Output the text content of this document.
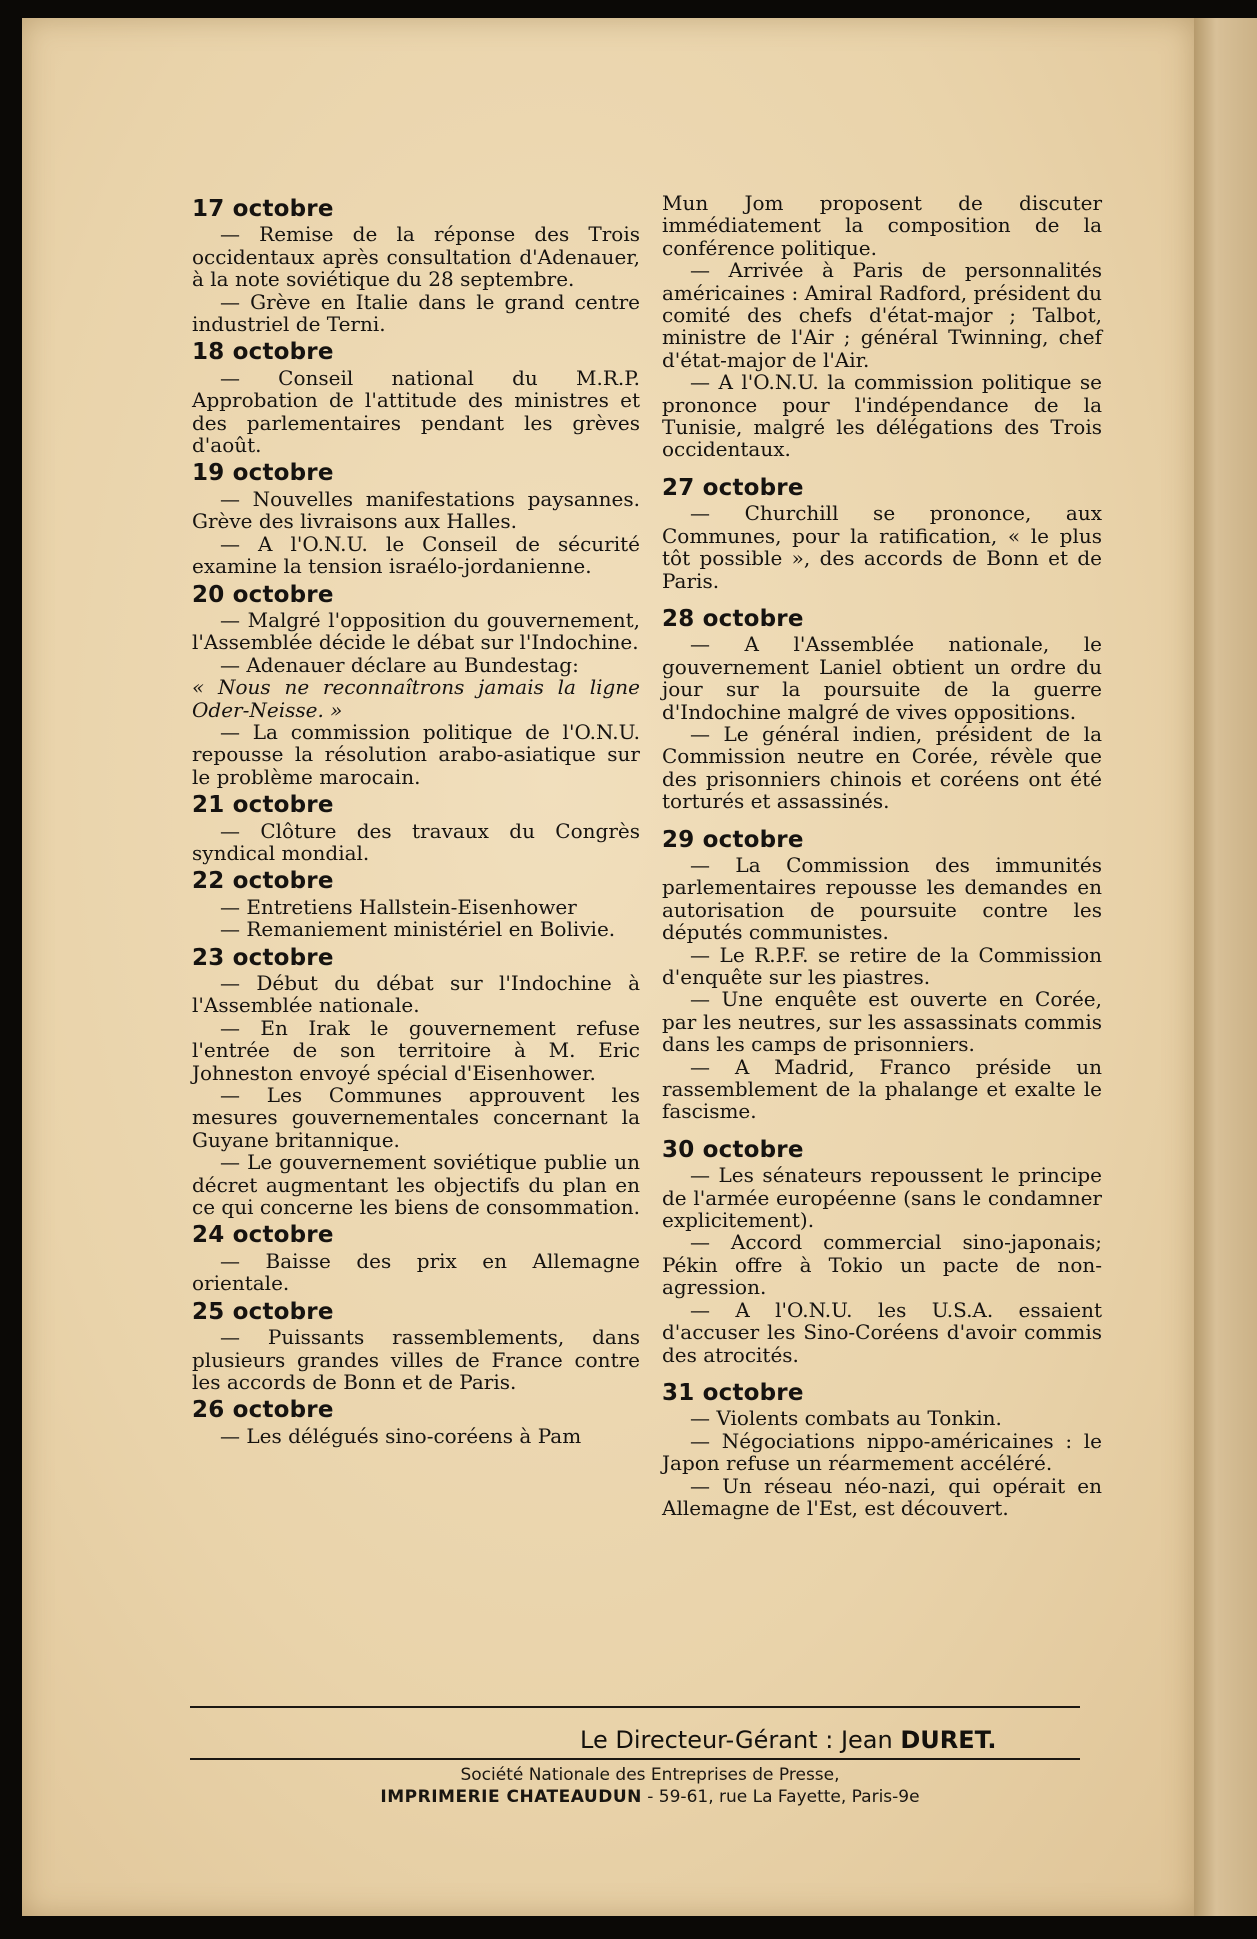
17 octobre

— Remise de la réponse des Trois occidentaux après consultation d'Adenauer, à la note soviétique du 28 septembre.

— Grève en Italie dans le grand centre industriel de Terni.

18 octobre

— Conseil national du M.R.P. Approbation de l'attitude des ministres et des parlementaires pendant les grèves d'août.

19 octobre

— Nouvelles manifestations paysannes. Grève des livraisons aux Halles.

— A l'O.N.U. le Conseil de sécurité examine la tension israélo-jordanienne.

20 octobre

— Malgré l'opposition du gouvernement, l'Assemblée décide le débat sur l'Indochine.

— Adenauer déclare au Bundestag:

« Nous ne reconnaîtrons jamais la ligne Oder-Neisse. »

— La commission politique de l'O.N.U. repousse la résolution arabo-asiatique sur le problème marocain.

21 octobre

— Clôture des travaux du Congrès syndical mondial.

22 octobre

— Entretiens Hallstein-Eisenhower

— Remaniement ministériel en Bolivie.

23 octobre

— Début du débat sur l'Indochine à l'Assemblée nationale.

— En Irak le gouvernement refuse l'entrée de son territoire à M. Eric Johneston envoyé spécial d'Eisenhower.

— Les Communes approuvent les mesures gouvernementales concernant la Guyane britannique.

— Le gouvernement soviétique publie un décret augmentant les objectifs du plan en ce qui concerne les biens de consommation.

24 octobre

— Baisse des prix en Allemagne orientale.

25 octobre

— Puissants rassemblements, dans plusieurs grandes villes de France contre les accords de Bonn et de Paris.

26 octobre

— Les délégués sino-coréens à Pam

Mun Jom proposent de discuter immédiatement la composition de la conférence politique.

— Arrivée à Paris de personnalités américaines : Amiral Radford, président du comité des chefs d'état-major ; Talbot, ministre de l'Air ; général Twinning, chef d'état-major de l'Air.

— A l'O.N.U. la commission politique se prononce pour l'indépendance de la Tunisie, malgré les délégations des Trois occidentaux.

27 octobre

— Churchill se prononce, aux Communes, pour la ratification, « le plus tôt possible », des accords de Bonn et de Paris.

28 octobre

— A l'Assemblée nationale, le gouvernement Laniel obtient un ordre du jour sur la poursuite de la guerre d'Indochine malgré de vives oppositions.

— Le général indien, président de la Commission neutre en Corée, révèle que des prisonniers chinois et coréens ont été torturés et assassinés.

29 octobre

— La Commission des immunités parlementaires repousse les demandes en autorisation de poursuite contre les députés communistes.

— Le R.P.F. se retire de la Commission d'enquête sur les piastres.

— Une enquête est ouverte en Corée, par les neutres, sur les assassinats commis dans les camps de prisonniers.

— A Madrid, Franco préside un rassemblement de la phalange et exalte le fascisme.

30 octobre

— Les sénateurs repoussent le principe de l'armée européenne (sans le condamner explicitement).

— Accord commercial sino-japonais; Pékin offre à Tokio un pacte de non-agression.

— A l'O.N.U. les U.S.A. essaient d'accuser les Sino-Coréens d'avoir commis des atrocités.

31 octobre

— Violents combats au Tonkin.

— Négociations nippo-américaines : le Japon refuse un réarmement accéléré.

— Un réseau néo-nazi, qui opérait en Allemagne de l'Est, est découvert.

Le Directeur-Gérant : Jean DURET.
Société Nationale des Entreprises de Presse,
IMPRIMERIE CHATEAUDUN - 59-61, rue La Fayette, Paris-9e
